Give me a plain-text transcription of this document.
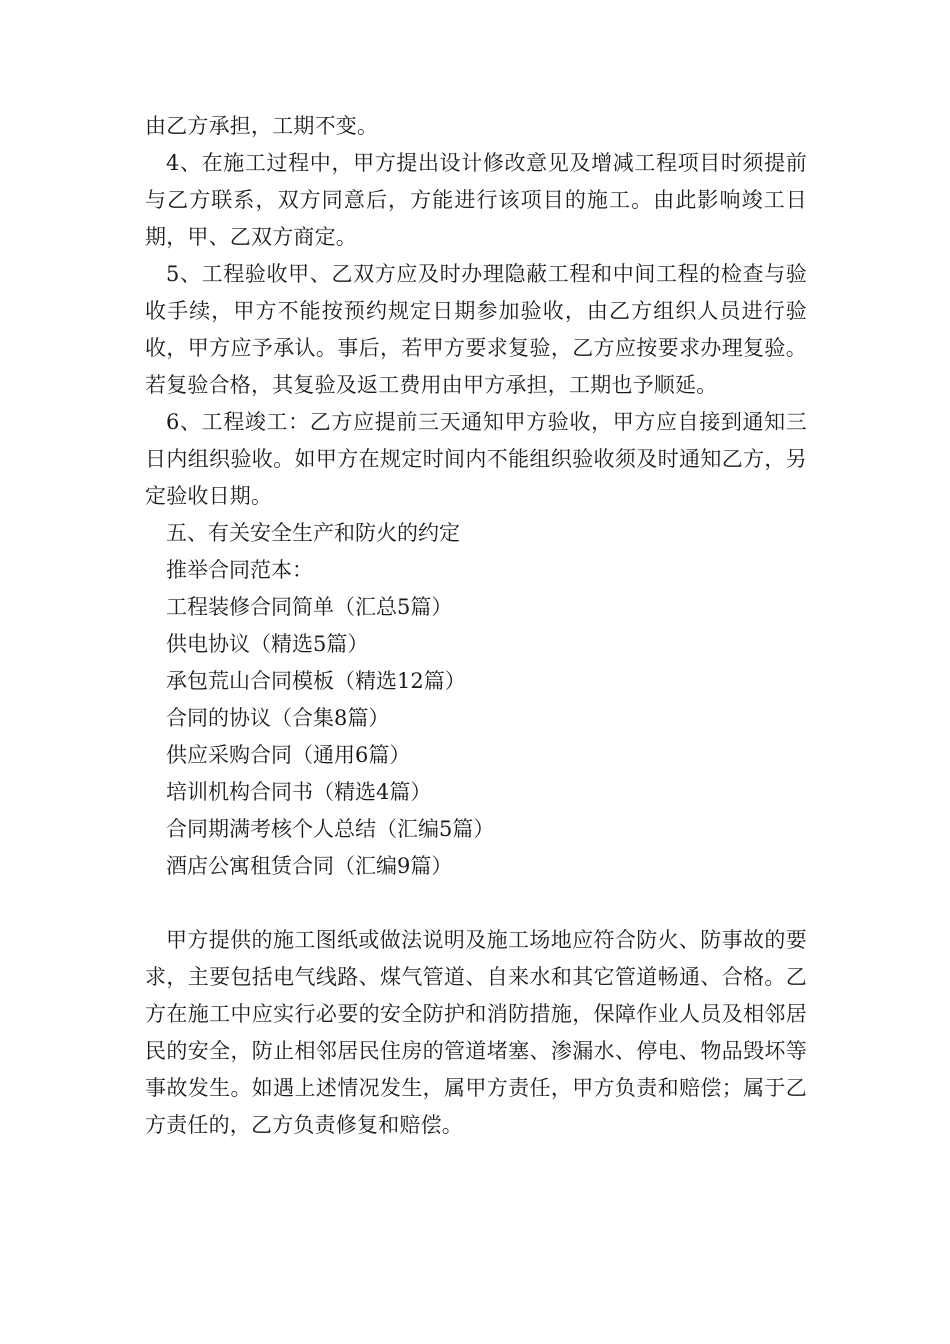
由乙方承担，工期不变。

4、在施工过程中，甲方提出设计修改意见及增减工程项目时须提前与乙方联系，双方同意后，方能进行该项目的施工。由此影响竣工日期，甲、乙双方商定。

5、工程验收甲、乙双方应及时办理隐蔽工程和中间工程的检查与验收手续，甲方不能按预约规定日期参加验收，由乙方组织人员进行验收，甲方应予承认。事后，若甲方要求复验，乙方应按要求办理复验。若复验合格，其复验及返工费用由甲方承担，工期也予顺延。

6、工程竣工：乙方应提前三天通知甲方验收，甲方应自接到通知三日内组织验收。如甲方在规定时间内不能组织验收须及时通知乙方，另定验收日期。

五、有关安全生产和防火的约定

推举合同范本：

工程装修合同简单（汇总5篇）

供电协议（精选5篇）

承包荒山合同模板（精选12篇）

合同的协议（合集8篇）

供应采购合同（通用6篇）

培训机构合同书（精选4篇）

合同期满考核个人总结（汇编5篇）

酒店公寓租赁合同（汇编9篇）

甲方提供的施工图纸或做法说明及施工场地应符合防火、防事故的要求，主要包括电气线路、煤气管道、自来水和其它管道畅通、合格。乙方在施工中应实行必要的安全防护和消防措施，保障作业人员及相邻居民的安全，防止相邻居民住房的管道堵塞、渗漏水、停电、物品毁坏等事故发生。如遇上述情况发生，属甲方责任，甲方负责和赔偿；属于乙方责任的，乙方负责修复和赔偿。
